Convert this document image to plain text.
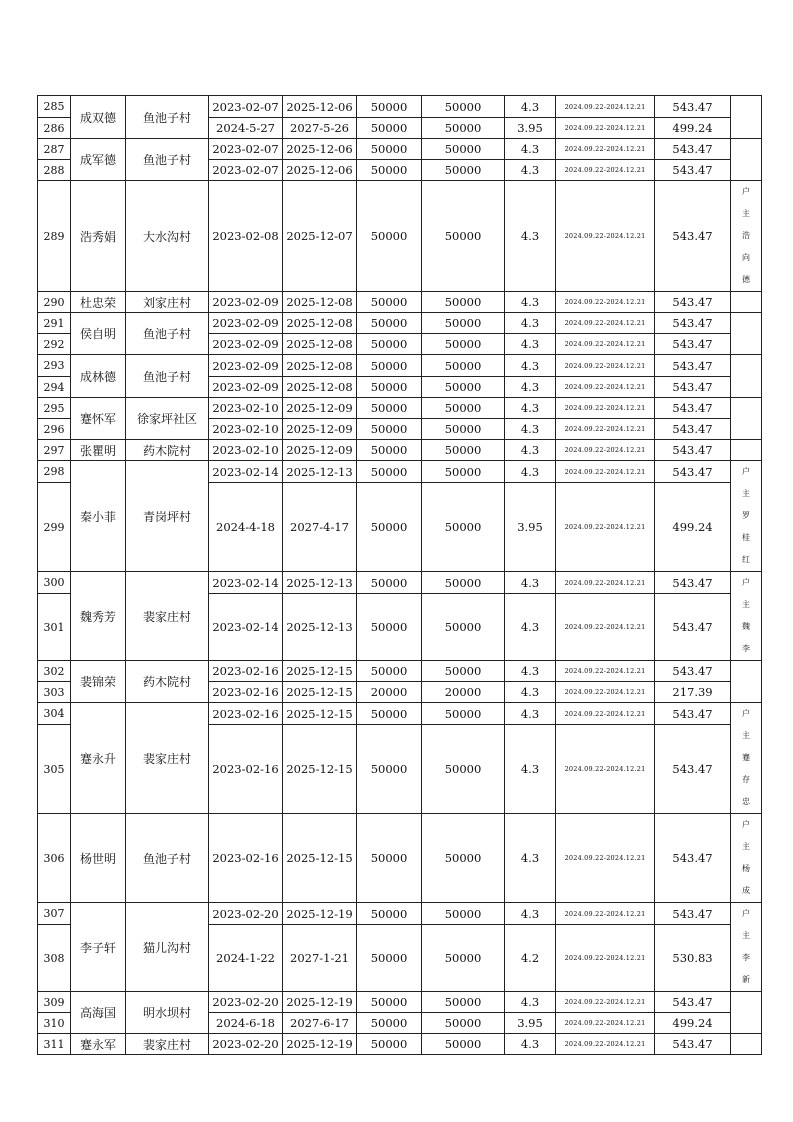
285	成双德	鱼池子村	2023-02-07	2025-12-06	50000	50000	4.3	2024.09.22-2024.12.21	543.47	
286			2024-5-27	2027-5-26	50000	50000	3.95	2024.09.22-2024.12.21	499.24	
287	成军德	鱼池子村	2023-02-07	2025-12-06	50000	50000	4.3	2024.09.22-2024.12.21	543.47	
288			2023-02-07	2025-12-06	50000	50000	4.3	2024.09.22-2024.12.21	543.47	
289	浩秀娟	大水沟村	2023-02-08	2025-12-07	50000	50000	4.3	2024.09.22-2024.12.21	543.47	户
主
浩
向
德

290	杜忠荣	刘家庄村	2023-02-09	2025-12-08	50000	50000	4.3	2024.09.22-2024.12.21	543.47	
291	侯自明	鱼池子村	2023-02-09	2025-12-08	50000	50000	4.3	2024.09.22-2024.12.21	543.47	
292			2023-02-09	2025-12-08	50000	50000	4.3	2024.09.22-2024.12.21	543.47	
293	成林德	鱼池子村	2023-02-09	2025-12-08	50000	50000	4.3	2024.09.22-2024.12.21	543.47	
294			2023-02-09	2025-12-08	50000	50000	4.3	2024.09.22-2024.12.21	543.47	
295	蹇怀军	徐家坪社区	2023-02-10	2025-12-09	50000	50000	4.3	2024.09.22-2024.12.21	543.47	
296			2023-02-10	2025-12-09	50000	50000	4.3	2024.09.22-2024.12.21	543.47	
297	张瞿明	药木院村	2023-02-10	2025-12-09	50000	50000	4.3	2024.09.22-2024.12.21	543.47	
298	秦小菲	青岗坪村	2023-02-14	2025-12-13	50000	50000	4.3	2024.09.22-2024.12.21	543.47	户
主
罗
桂
红

299			2024-4-18	2027-4-17	50000	50000	3.95	2024.09.22-2024.12.21	499.24	
300	魏秀芳	裴家庄村	2023-02-14	2025-12-13	50000	50000	4.3	2024.09.22-2024.12.21	543.47	户
主
魏
李

301			2023-02-14	2025-12-13	50000	50000	4.3	2024.09.22-2024.12.21	543.47	
302	裴锦荣	药木院村	2023-02-16	2025-12-15	50000	50000	4.3	2024.09.22-2024.12.21	543.47	
303			2023-02-16	2025-12-15	20000	20000	4.3	2024.09.22-2024.12.21	217.39	
304	蹇永升	裴家庄村	2023-02-16	2025-12-15	50000	50000	4.3	2024.09.22-2024.12.21	543.47	户
主
蹇
存
忠

305			2023-02-16	2025-12-15	50000	50000	4.3	2024.09.22-2024.12.21	543.47	
306	杨世明	鱼池子村	2023-02-16	2025-12-15	50000	50000	4.3	2024.09.22-2024.12.21	543.47	户
主
杨
成

307	李子轩	猫儿沟村	2023-02-20	2025-12-19	50000	50000	4.3	2024.09.22-2024.12.21	543.47	户
主
李
新

308			2024-1-22	2027-1-21	50000	50000	4.2	2024.09.22-2024.12.21	530.83	
309	高海国	明水坝村	2023-02-20	2025-12-19	50000	50000	4.3	2024.09.22-2024.12.21	543.47	
310			2024-6-18	2027-6-17	50000	50000	3.95	2024.09.22-2024.12.21	499.24	
311	蹇永军	裴家庄村	2023-02-20	2025-12-19	50000	50000	4.3	2024.09.22-2024.12.21	543.47	
